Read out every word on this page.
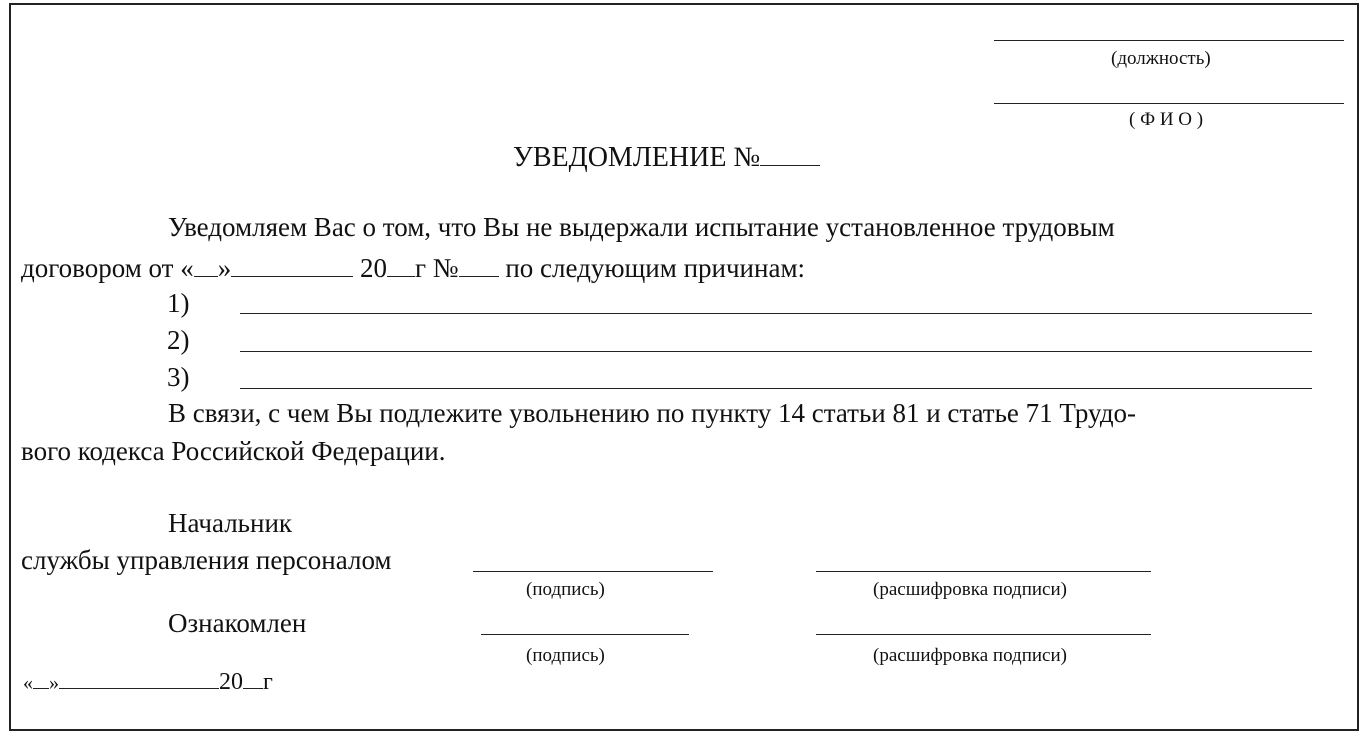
(должность)
( Ф И О )
УВЕДОМЛЕНИЕ №
Уведомляем Вас о том, что Вы не выдержали испытание установленное трудовым
договором от « »	20 г № по следующим причинам:
1)
2)
3)
В связи, с чем Вы подлежите увольнению по пункту 14 статьи 81 и статье 71 Трудо-
вого кодекса Российской Федерации.
Начальник
службы управления персоналом
(подпись)	(расшифровка подписи)
Ознакомлен
(подпись)	(расшифровка подписи)
« »	20 г
